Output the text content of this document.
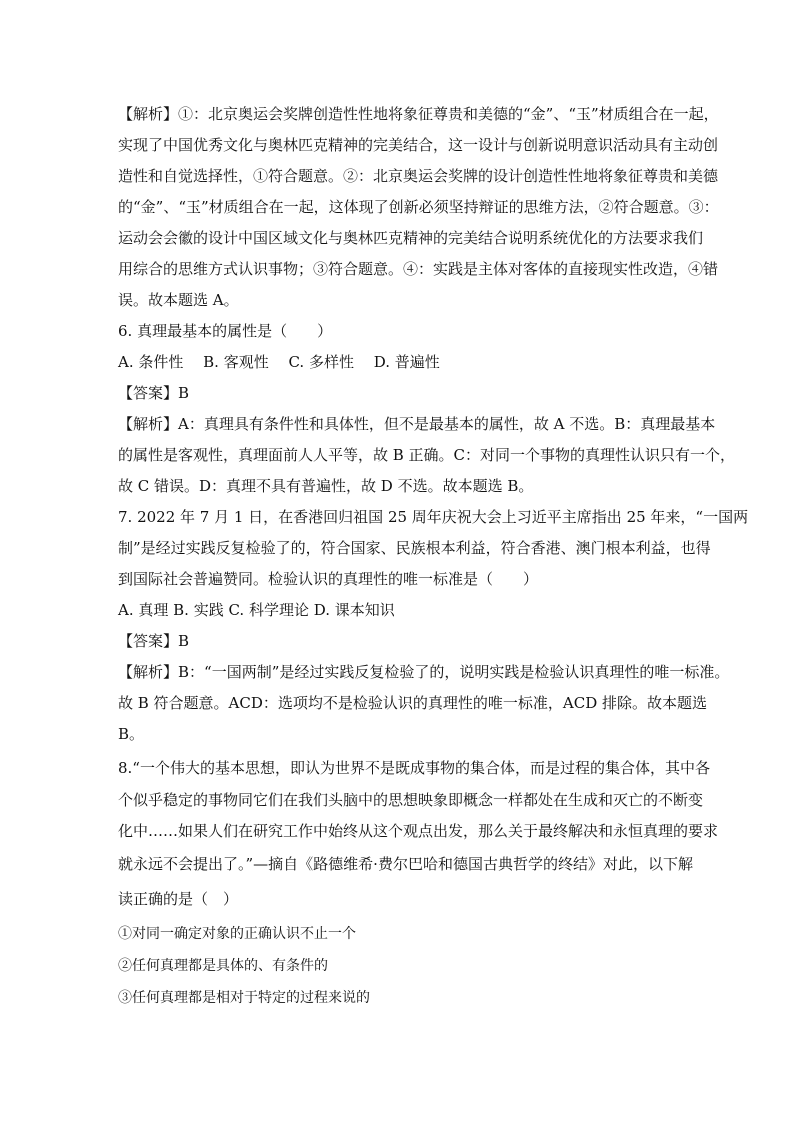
【解析】①：北京奥运会奖牌创造性性地将象征尊贵和美德的“金”、“玉”材质组合在一起，
实现了中国优秀文化与奥林匹克精神的完美结合，这一设计与创新说明意识活动具有主动创
造性和自觉选择性，①符合题意。②：北京奥运会奖牌的设计创造性性地将象征尊贵和美德
的“金”、“玉”材质组合在一起，这体现了创新必须坚持辩证的思维方法，②符合题意。③：
运动会会徽的设计中国区域文化与奥林匹克精神的完美结合说明系统优化的方法要求我们
用综合的思维方式认识事物；③符合题意。④：实践是主体对客体的直接现实性改造，④错
误。故本题选 A。
6. 真理最基本的属性是（　　）
A. 条件性　 B. 客观性　 C. 多样性　 D. 普遍性
【答案】B
【解析】A：真理具有条件性和具体性，但不是最基本的属性，故 A 不选。B：真理最基本
的属性是客观性，真理面前人人平等，故 B 正确。C：对同一个事物的真理性认识只有一个，
故 C 错误。D：真理不具有普遍性，故 D 不选。故本题选 B。
7. 2022 年 7 月 1 日，在香港回归祖国 25 周年庆祝大会上习近平主席指出 25 年来，“一国两
制”是经过实践反复检验了的，符合国家、民族根本利益，符合香港、澳门根本利益，也得
到国际社会普遍赞同。检验认识的真理性的唯一标准是（　　）
A. 真理 B. 实践 C. 科学理论 D. 课本知识
【答案】B
【解析】B：“一国两制”是经过实践反复检验了的，说明实践是检验认识真理性的唯一标准。
故 B 符合题意。ACD：选项均不是检验认识的真理性的唯一标准，ACD 排除。故本题选
B。
8.“一个伟大的基本思想，即认为世界不是既成事物的集合体，而是过程的集合体，其中各
个似乎稳定的事物同它们在我们头脑中的思想映象即概念一样都处在生成和灭亡的不断变
化中……如果人们在研究工作中始终从这个观点出发，那么关于最终解决和永恒真理的要求
就永远不会提出了。”—摘自《路德维希·费尔巴哈和德国古典哲学的终结》对此，以下解
读正确的是（　）
①对同一确定对象的正确认识不止一个
②任何真理都是具体的、有条件的
③任何真理都是相对于特定的过程来说的
